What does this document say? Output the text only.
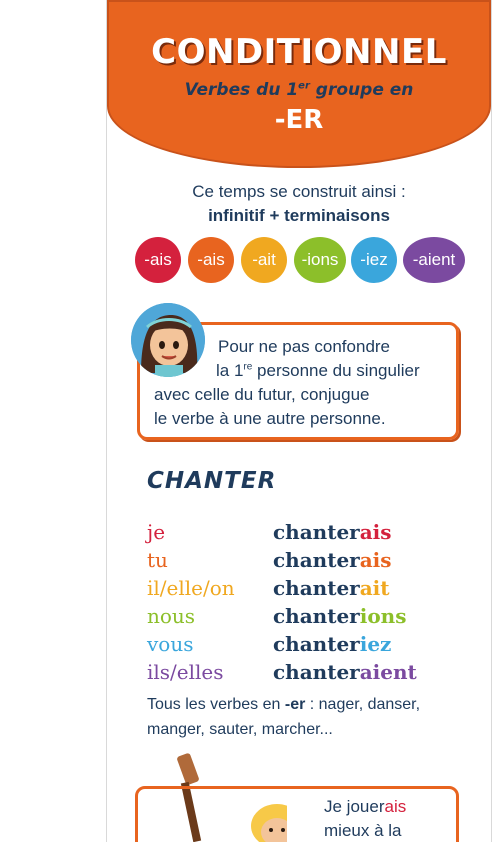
CONDITIONNEL
Verbes du 1er groupe en
-ER
Ce temps se construit ainsi :
infinitif + terminaisons
-ais -ais -ait -ions -iez -aient
Pour ne pas confondre
la 1re personne du singulier
avec celle du futur, conjugue
le verbe à une autre personne.
CHANTER
je	chanterais
tu	chanterais
il/elle/on chanterait
nous	chanterions
vous	chanteriez
ils/elles chanteraient
Tous les verbes en -er : nager, danser,
manger, sauter, marcher...
Je jouerais
mieux à la
